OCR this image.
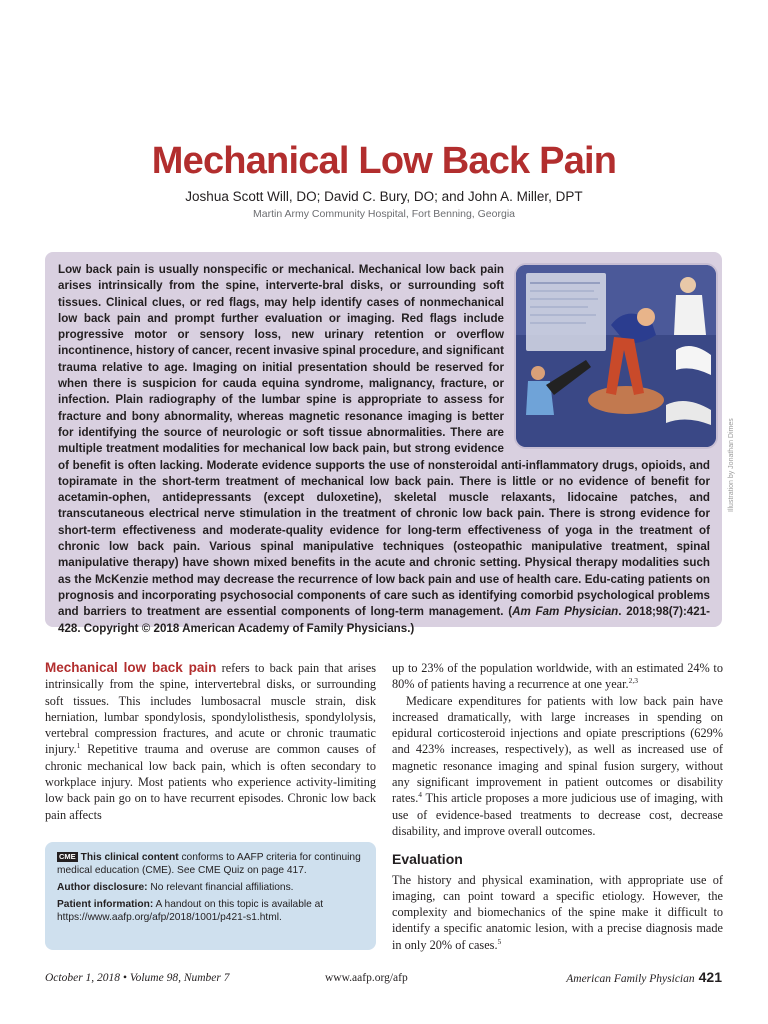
Mechanical Low Back Pain
Joshua Scott Will, DO; David C. Bury, DO; and John A. Miller, DPT
Martin Army Community Hospital, Fort Benning, Georgia

Low back pain is usually nonspecific or mechanical. Mechanical low back pain arises intrinsically from the spine, interverte-bral disks, or surrounding soft tissues. Clinical clues, or red flags, may help identify cases of nonmechanical low back pain and prompt further evaluation or imaging. Red flags include progressive motor or sensory loss, new urinary retention or overflow incontinence, history of cancer, recent invasive spinal procedure, and significant trauma relative to age. Imaging on initial presentation should be reserved for when there is suspicion for cauda equina syndrome, malignancy, fracture, or infection. Plain radiography of the lumbar spine is appropriate to assess for fracture and bony abnormality, whereas magnetic resonance imaging is better for identifying the source of neurologic or soft tissue abnormalities. There are multiple treatment modalities for mechanical low back pain, but strong evidence of benefit is often lacking. Moderate evidence supports the use of nonsteroidal anti-inflammatory drugs, opioids, and topiramate in the short-term treatment of mechanical low back pain. There is little or no evidence of benefit for acetamin-ophen, antidepressants (except duloxetine), skeletal muscle relaxants, lidocaine patches, and transcutaneous electrical nerve stimulation in the treatment of chronic low back pain. There is strong evidence for short-term effectiveness and moderate-quality evidence for long-term effectiveness of yoga in the treatment of chronic low back pain. Various spinal manipulative techniques (osteopathic manipulative treatment, spinal manipulative therapy) have shown mixed benefits in the acute and chronic setting. Physical therapy modalities such as the McKenzie method may decrease the recurrence of low back pain and use of health care. Edu-cating patients on prognosis and incorporating psychosocial components of care such as identifying comorbid psychological problems and barriers to treatment are essential components of long-term management. (Am Fam Physician. 2018;98(7):421-428. Copyright © 2018 American Academy of Family Physicians.)

Illustration by Jonathan Dimes

Mechanical low back pain refers to back pain that arises intrinsically from the spine, intervertebral disks, or surrounding soft tissues. This includes lumbosacral muscle strain, disk herniation, lumbar spondylosis, spondylolisthesis, spondylolysis, vertebral compression fractures, and acute or chronic traumatic injury.$^1$ Repetitive trauma and overuse are common causes of chronic mechanical low back pain, which is often secondary to workplace injury. Most patients who experience activity-limiting low back pain go on to have recurrent episodes. Chronic low back pain affects

CME This clinical content conforms to AAFP criteria for continuing medical education (CME). See CME Quiz on page 417.

Author disclosure: No relevant financial affiliations.

Patient information: A handout on this topic is available at https://www.aafp.org/afp/2018/1001/p421-s1.html.

up to 23% of the population worldwide, with an estimated 24% to 80% of patients having a recurrence at one year.$^{2,3}$

Medicare expenditures for patients with low back pain have increased dramatically, with large increases in spending on epidural corticosteroid injections and opiate prescriptions (629% and 423% increases, respectively), as well as increased use of magnetic resonance imaging and spinal fusion surgery, without any significant improvement in patient outcomes or disability rates.$^4$ This article proposes a more judicious use of imaging, with use of evidence-based treatments to decrease cost, decrease disability, and improve overall outcomes.

Evaluation

The history and physical examination, with appropriate use of imaging, can point toward a specific etiology. However, the complexity and biomechanics of the spine make it difficult to identify a specific anatomic lesion, with a precise diagnosis made in only 20% of cases.$^5$

October 1, 2018 • Volume 98, Number 7	www.aafp.org/afp	American Family Physician 421
